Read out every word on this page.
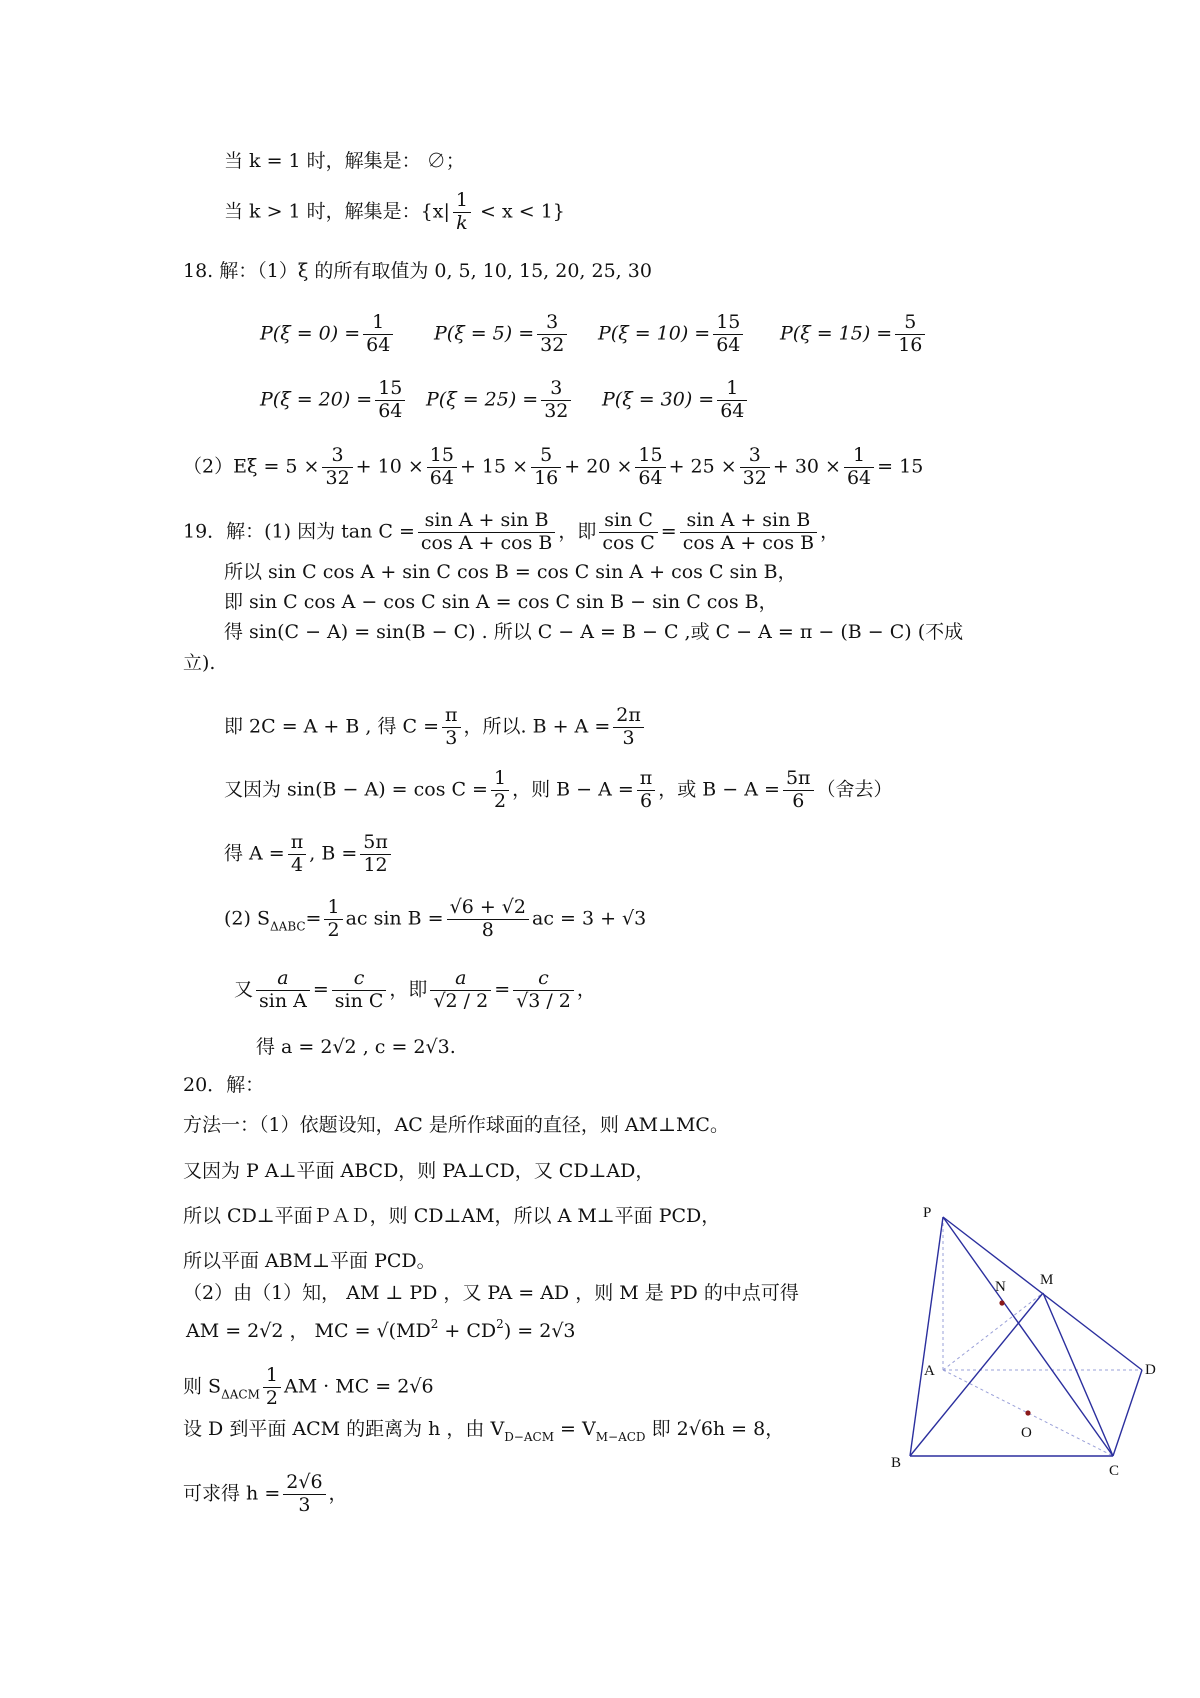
当 k = 1 时，解集是： ∅；
当 k > 1 时，解集是：$\{x| \frac{1}{k} < x < 1\}$
18. 解：（1）ξ 的所有取值为 0, 5, 10, 15, 20, 25, 30
$P(\xi = 0) = \frac{1}{64} P(\xi = 5) = \frac{3}{32} P(\xi = 10) = \frac{15}{64} P(\xi = 15) = \frac{5}{16}$
$P(\xi = 20) = \frac{15}{64} P(\xi = 25) = \frac{3}{32} P(\xi = 30) = \frac{1}{64}$
$(2)E\xi = 5 \times \frac{3}{32} + 10 \times \frac{15}{64} + 15 \times \frac{5}{16} + 20 \times \frac{15}{64} + 25 \times \frac{3}{32} + 30 \times \frac{1}{64} = 15$
19．解：(1) 因为 $\tan C = \frac{\text{sin A + sin B}}{\text{cos A + cos B}}$ ，即 $\frac{\text{sin C}}{\text{cos C}} = \frac{\text{sin A + sin B}}{\text{cos A + cos B}}$ ，
所以 sin C cos A + sin C cos B = cos C sin A + cos C sin B，
即 sin C cos A − cos C sin A = cos C sin B − sin C cos B，
得 sin(C − A) = sin(B − C) . 所以 C − A = B − C ,或 C − A = π − (B − C) (不成
立).
即 2C = A + B , 得 $C = \frac{\pi}{3}$ ，所以. $B + A = \frac{2\pi}{3}$
又因为 $\sin(B - A) = \cos C = \frac{1}{2}$ ，则 $B - A = \frac{\pi}{6}$ ，或 $B - A = \frac{5\pi}{6}$ （舍去）
得 $A = \frac{\pi}{4}$ , $B = \frac{5\pi}{12}$
(2) $S_{\Delta ABC}= \frac{1}{2}$ ac $\sin B = \frac{√6 + √2}{8}$ ac = 3 + √3
又 $\frac{a}{\text{sin A}} = \frac{c}{\text{sin C}}$ ，即 $\frac{a}{√2 / 2} = \frac{c}{√3 / 2}$ ，
得 a = 2√2 , c = 2√3.
20．解：
方法一：（1）依题设知，AC 是所作球面的直径，则 AM⊥MC。
又因为 P A⊥平面 ABCD，则 PA⊥CD，又 CD⊥AD，
所以 CD⊥平面ＰＡＤ，则 CD⊥AM，所以 A M⊥平面 PCD，
所以平面 ABM⊥平面 PCD。
（2）由（1）知， AM ⊥ PD ，又 PA = AD ，则 M 是 PD 的中点可得
AM = 2√2 ， MC = $√(MD^2 + CD^2) = 2√3$
则 $S_{\Delta ACM} \frac{1}{2}$ AM · MC = 2√6
设 D 到平面 ACM 的距离为 h ，由 $V_{D-ACM} = V_{M-ACD}$ 即 2√6h = 8，
可求得 $h = \frac{2√6}{3}$ ，
P
N M
A	D
O
B	C
